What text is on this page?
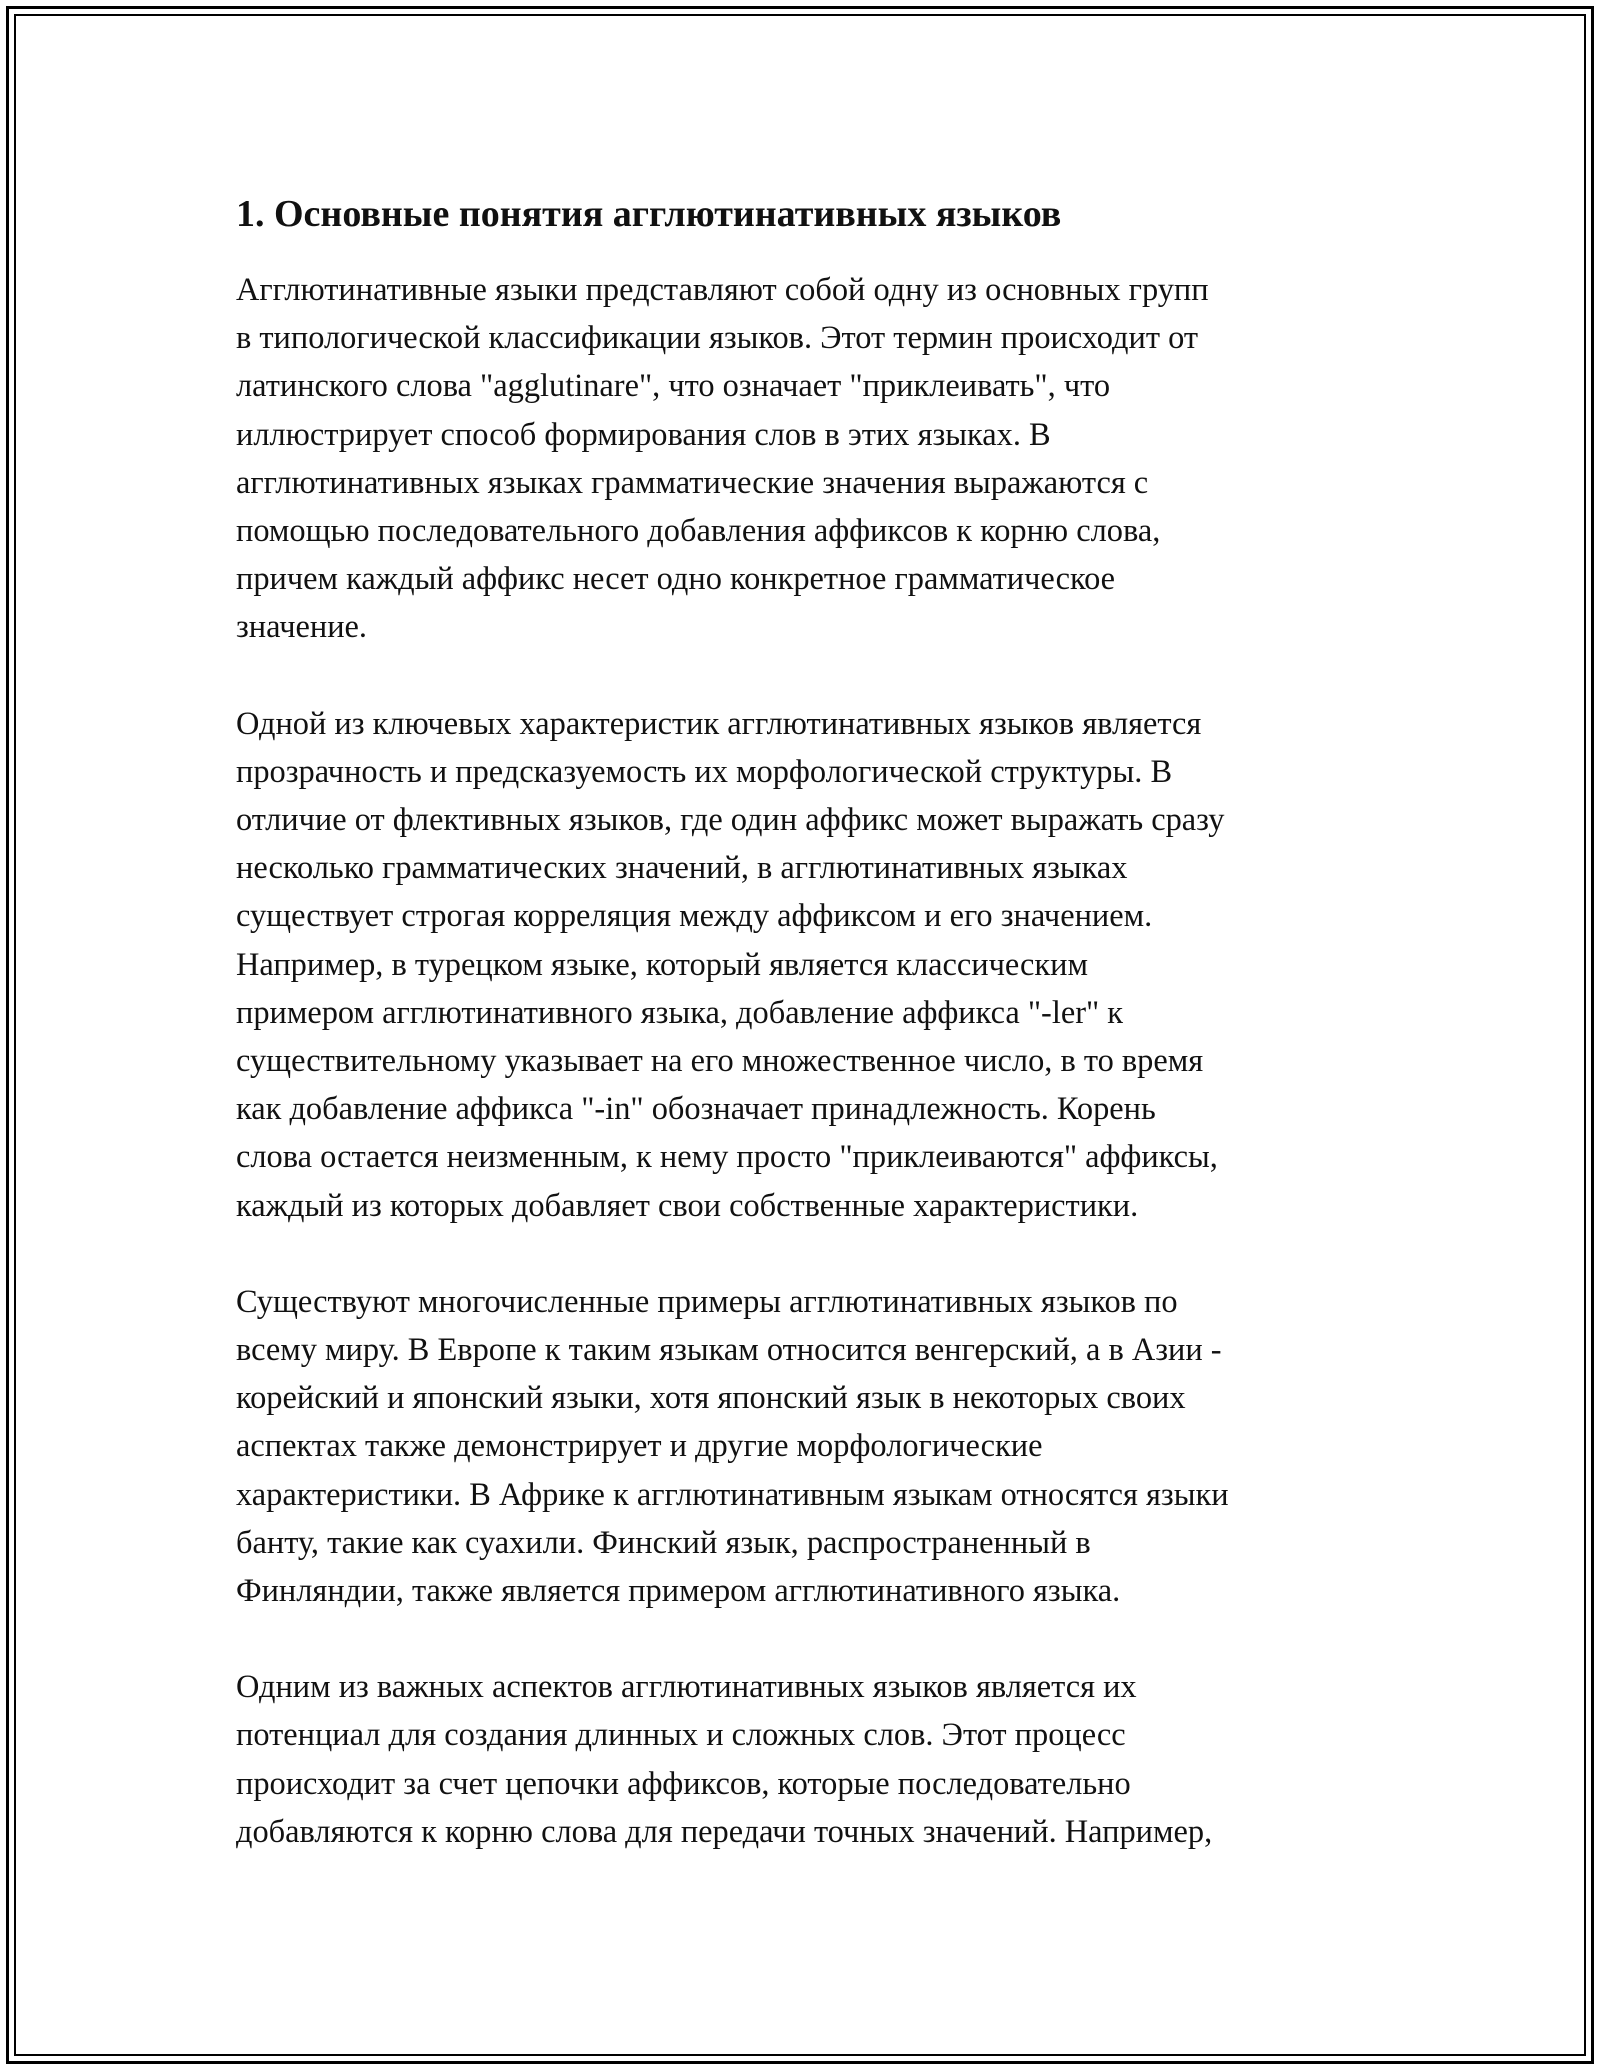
1. Основные понятия агглютинативных языков

Агглютинативные языки представляют собой одну из основных групп
в типологической классификации языков. Этот термин происходит от
латинского слова "agglutinare", что означает "приклеивать", что
иллюстрирует способ формирования слов в этих языках. В
агглютинативных языках грамматические значения выражаются с
помощью последовательного добавления аффиксов к корню слова,
причем каждый аффикс несет одно конкретное грамматическое
значение.

Одной из ключевых характеристик агглютинативных языков является
прозрачность и предсказуемость их морфологической структуры. В
отличие от флективных языков, где один аффикс может выражать сразу
несколько грамматических значений, в агглютинативных языках
существует строгая корреляция между аффиксом и его значением.
Например, в турецком языке, который является классическим
примером агглютинативного языка, добавление аффикса "-ler" к
существительному указывает на его множественное число, в то время
как добавление аффикса "-in" обозначает принадлежность. Корень
слова остается неизменным, к нему просто "приклеиваются" аффиксы,
каждый из которых добавляет свои собственные характеристики.

Существуют многочисленные примеры агглютинативных языков по
всему миру. В Европе к таким языкам относится венгерский, а в Азии -
корейский и японский языки, хотя японский язык в некоторых своих
аспектах также демонстрирует и другие морфологические
характеристики. В Африке к агглютинативным языкам относятся языки
банту, такие как суахили. Финский язык, распространенный в
Финляндии, также является примером агглютинативного языка.

Одним из важных аспектов агглютинативных языков является их
потенциал для создания длинных и сложных слов. Этот процесс
происходит за счет цепочки аффиксов, которые последовательно
добавляются к корню слова для передачи точных значений. Например,
